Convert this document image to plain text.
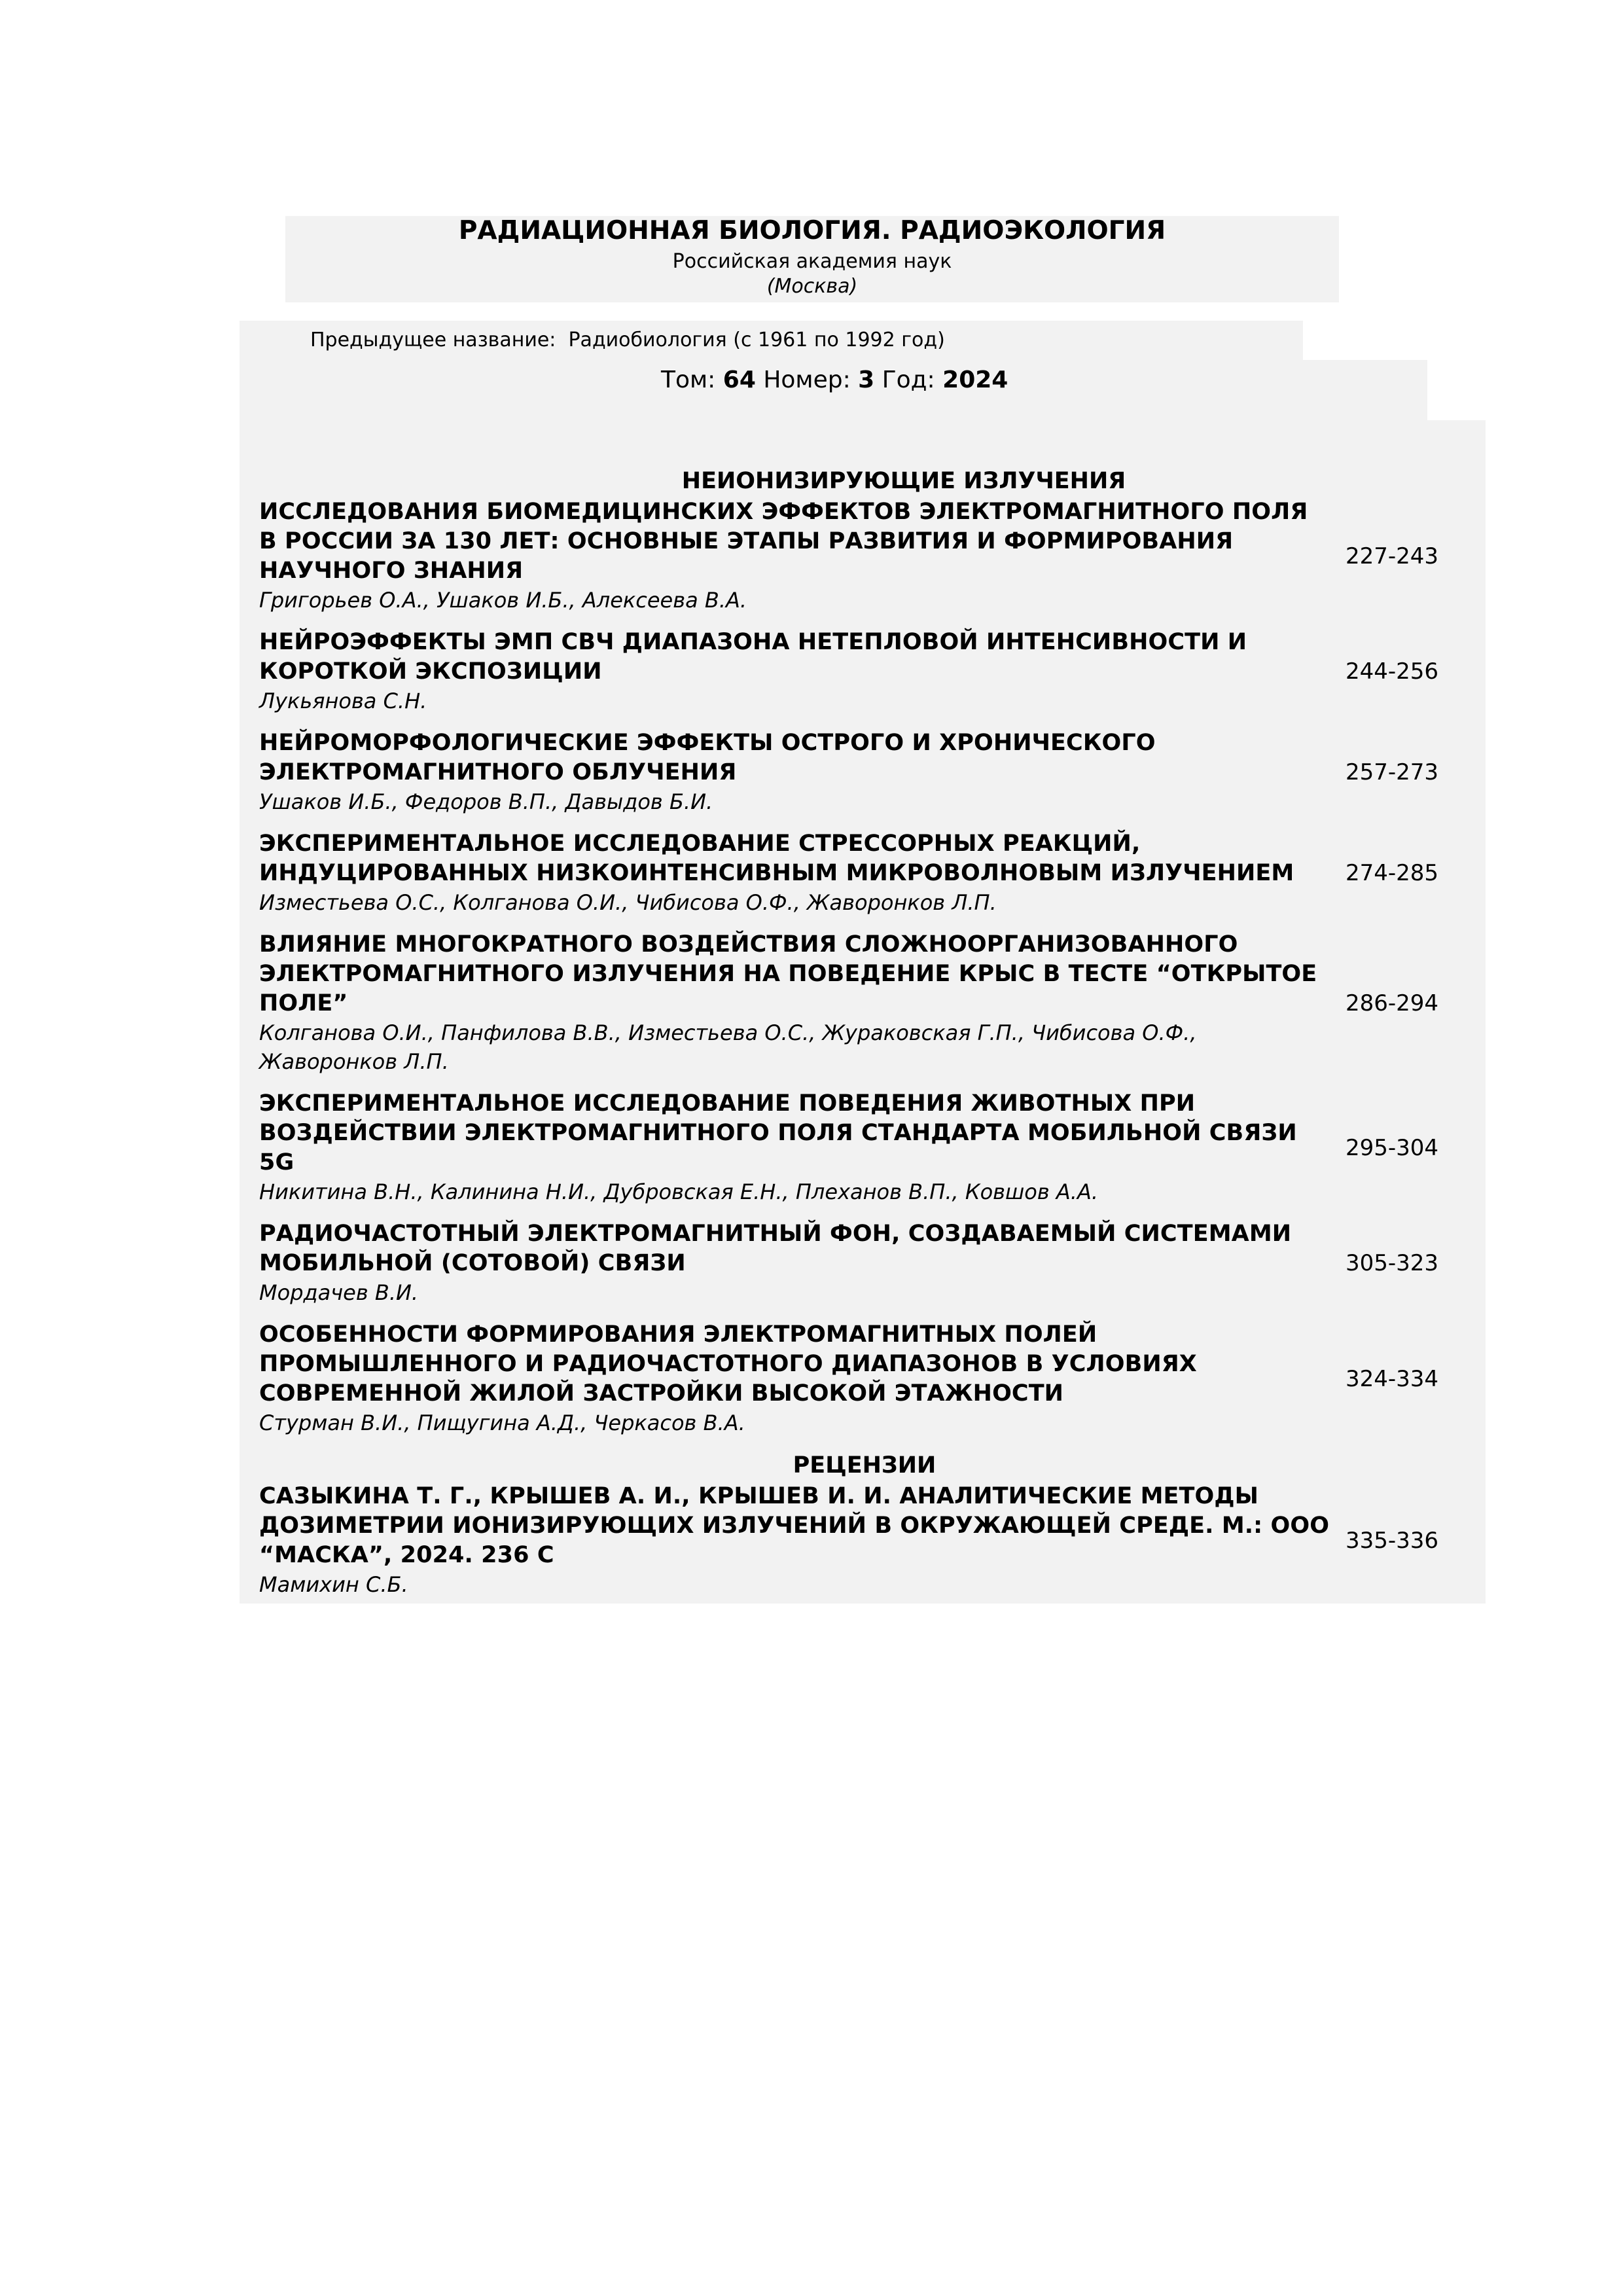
РАДИАЦИОННАЯ БИОЛОГИЯ. РАДИОЭКОЛОГИЯ
Российская академия наук
(Москва)
Предыдущее название: Радиобиология (с 1961 по 1992 год)
Том: 64 Номер: 3 Год: 2024
НЕИОНИЗИРУЮЩИЕ ИЗЛУЧЕНИЯ
ИССЛЕДОВАНИЯ БИОМЕДИЦИНСКИХ ЭФФЕКТОВ ЭЛЕКТРОМАГНИТНОГО ПОЛЯ В РОССИИ ЗА 130 ЛЕТ: ОСНОВНЫЕ ЭТАПЫ РАЗВИТИЯ И ФОРМИРОВАНИЯ НАУЧНОГО ЗНАНИЯ
Григорьев О.А., Ушаков И.Б., Алексеева В.А.
227-243
НЕЙРОЭФФЕКТЫ ЭМП СВЧ ДИАПАЗОНА НЕТЕПЛОВОЙ ИНТЕНСИВНОСТИ И КОРОТКОЙ ЭКСПОЗИЦИИ
Лукьянова С.Н.
244-256
НЕЙРОМОРФОЛОГИЧЕСКИЕ ЭФФЕКТЫ ОСТРОГО И ХРОНИЧЕСКОГО ЭЛЕКТРОМАГНИТНОГО ОБЛУЧЕНИЯ
Ушаков И.Б., Федоров В.П., Давыдов Б.И.
257-273
ЭКСПЕРИМЕНТАЛЬНОЕ ИССЛЕДОВАНИЕ СТРЕССОРНЫХ РЕАКЦИЙ, ИНДУЦИРОВАННЫХ НИЗКОИНТЕНСИВНЫМ МИКРОВОЛНОВЫМ ИЗЛУЧЕНИЕМ
Изместьева О.С., Колганова О.И., Чибисова О.Ф., Жаворонков Л.П.
274-285
ВЛИЯНИЕ МНОГОКРАТНОГО ВОЗДЕЙСТВИЯ СЛОЖНООРГАНИЗОВАННОГО ЭЛЕКТРОМАГНИТНОГО ИЗЛУЧЕНИЯ НА ПОВЕДЕНИЕ КРЫС В ТЕСТЕ “ОТКРЫТОЕ ПОЛЕ”
Колганова О.И., Панфилова В.В., Изместьева О.С., Жураковская Г.П., Чибисова О.Ф., Жаворонков Л.П.
286-294
ЭКСПЕРИМЕНТАЛЬНОЕ ИССЛЕДОВАНИЕ ПОВЕДЕНИЯ ЖИВОТНЫХ ПРИ ВОЗДЕЙСТВИИ ЭЛЕКТРОМАГНИТНОГО ПОЛЯ СТАНДАРТА МОБИЛЬНОЙ СВЯЗИ 5G
Никитина В.Н., Калинина Н.И., Дубровская Е.Н., Плеханов В.П., Ковшов А.А.
295-304
РАДИОЧАСТОТНЫЙ ЭЛЕКТРОМАГНИТНЫЙ ФОН, СОЗДАВАЕМЫЙ СИСТЕМАМИ МОБИЛЬНОЙ (СОТОВОЙ) СВЯЗИ
Мордачев В.И.
305-323
ОСОБЕННОСТИ ФОРМИРОВАНИЯ ЭЛЕКТРОМАГНИТНЫХ ПОЛЕЙ ПРОМЫШЛЕННОГО И РАДИОЧАСТОТНОГО ДИАПАЗОНОВ В УСЛОВИЯХ СОВРЕМЕННОЙ ЖИЛОЙ ЗАСТРОЙКИ ВЫСОКОЙ ЭТАЖНОСТИ
Стурман В.И., Пищугина А.Д., Черкасов В.А.
324-334
РЕЦЕНЗИИ
САЗЫКИНА Т. Г., КРЫШЕВ А. И., КРЫШЕВ И. И. АНАЛИТИЧЕСКИЕ МЕТОДЫ ДОЗИМЕТРИИ ИОНИЗИРУЮЩИХ ИЗЛУЧЕНИЙ В ОКРУЖАЮЩЕЙ СРЕДЕ. М.: ООО “МАСКА”, 2024. 236 С
Мамихин С.Б.
335-336
